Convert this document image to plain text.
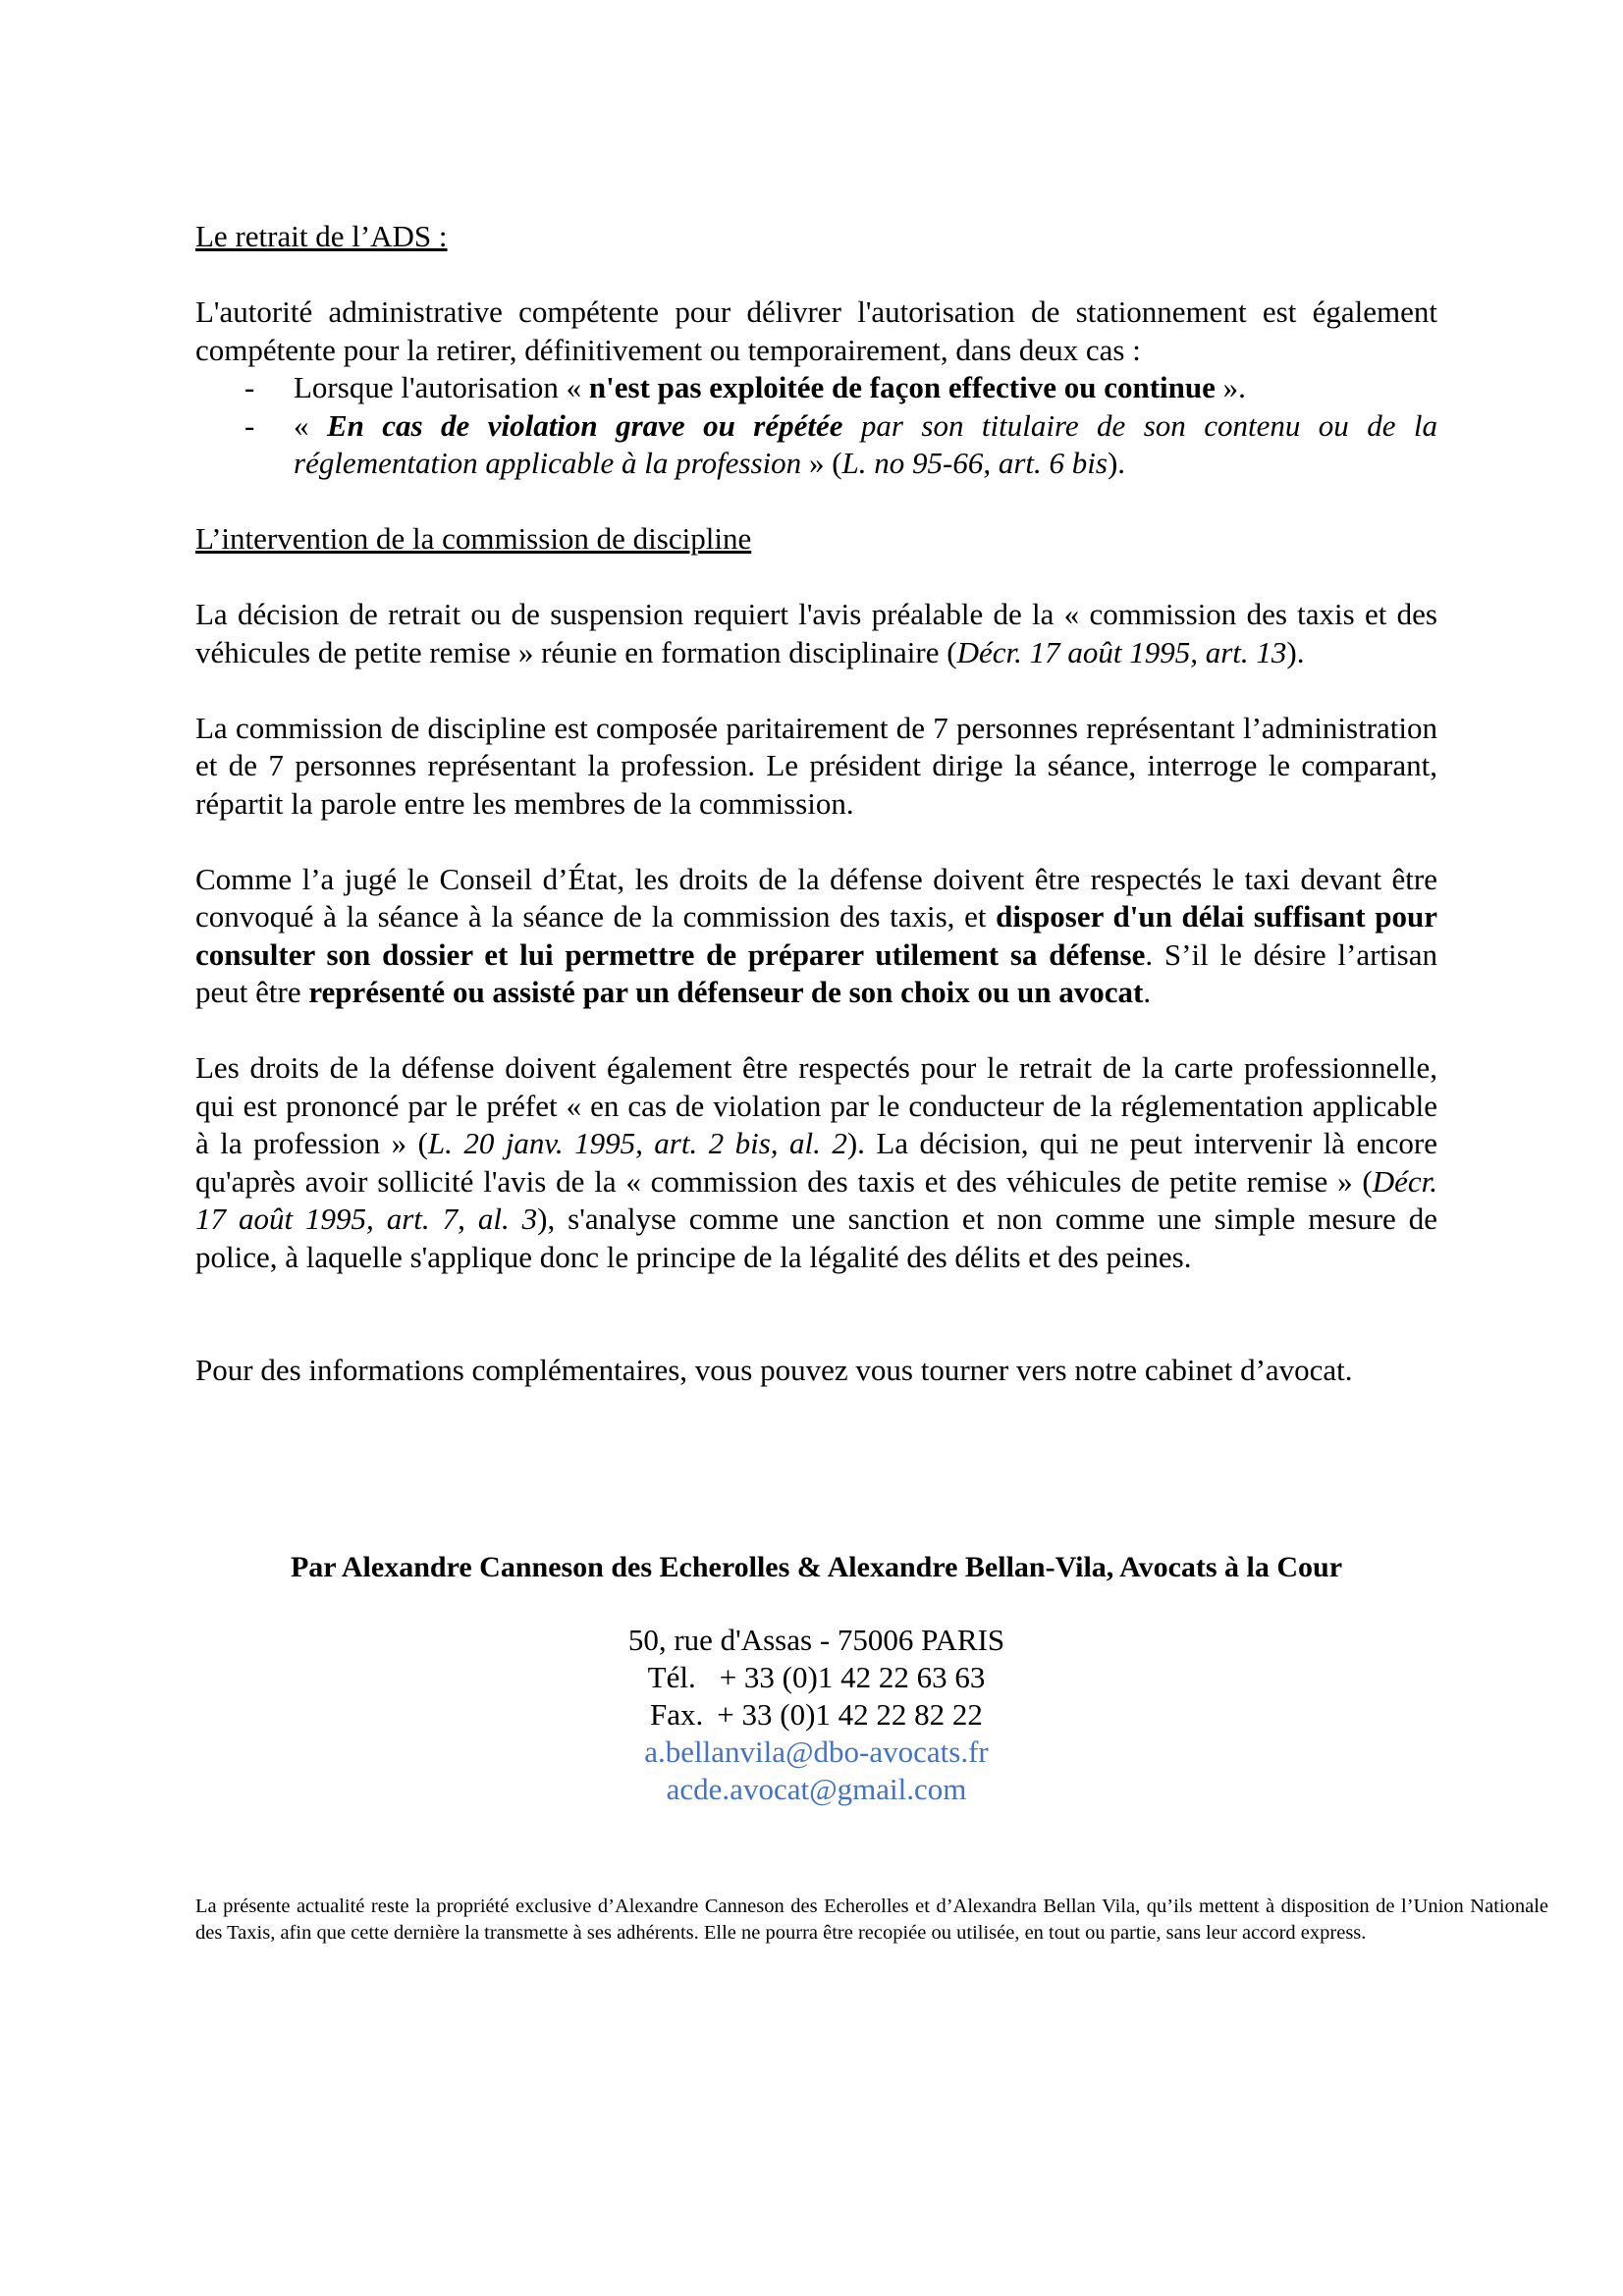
Le retrait de l’ADS :

L'autorité administrative compétente pour délivrer l'autorisation de stationnement est également compétente pour la retirer, définitivement ou temporairement, dans deux cas :

- Lorsque l'autorisation « n'est pas exploitée de façon effective ou continue ».
- « En cas de violation grave ou répétée par son titulaire de son contenu ou de la réglementation applicable à la profession » (L. no 95-66, art. 6 bis).

L’intervention de la commission de discipline

La décision de retrait ou de suspension requiert l'avis préalable de la « commission des taxis et des véhicules de petite remise » réunie en formation disciplinaire (Décr. 17 août 1995, art. 13).

La commission de discipline est composée paritairement de 7 personnes représentant l’administration et de 7 personnes représentant la profession. Le président dirige la séance, interroge le comparant, répartit la parole entre les membres de la commission.

Comme l’a jugé le Conseil d’État, les droits de la défense doivent être respectés le taxi devant être convoqué à la séance à la séance de la commission des taxis, et disposer d'un délai suffisant pour consulter son dossier et lui permettre de préparer utilement sa défense. S’il le désire l’artisan peut être représenté ou assisté par un défenseur de son choix ou un avocat.

Les droits de la défense doivent également être respectés pour le retrait de la carte professionnelle, qui est prononcé par le préfet « en cas de violation par le conducteur de la réglementation applicable à la profession » (L. 20 janv. 1995, art. 2 bis, al. 2). La décision, qui ne peut intervenir là encore qu'après avoir sollicité l'avis de la « commission des taxis et des véhicules de petite remise » (Décr. 17 août 1995, art. 7, al. 3), s'analyse comme une sanction et non comme une simple mesure de police, à laquelle s'applique donc le principe de la légalité des délits et des peines.

Pour des informations complémentaires, vous pouvez vous tourner vers notre cabinet d’avocat.

Par Alexandre Canneson des Echerolles & Alexandre Bellan-Vila, Avocats à la Cour
50, rue d'Assas - 75006 PARIS
Tél. + 33 (0)1 42 22 63 63
Fax. + 33 (0)1 42 22 82 22
a.bellanvila@dbo-avocats.fr
acde.avocat@gmail.com
La présente actualité reste la propriété exclusive d’Alexandre Canneson des Echerolles et d’Alexandra Bellan Vila, qu’ils mettent à disposition de l’Union Nationale des Taxis, afin que cette dernière la transmette à ses adhérents. Elle ne pourra être recopiée ou utilisée, en tout ou partie, sans leur accord express.
